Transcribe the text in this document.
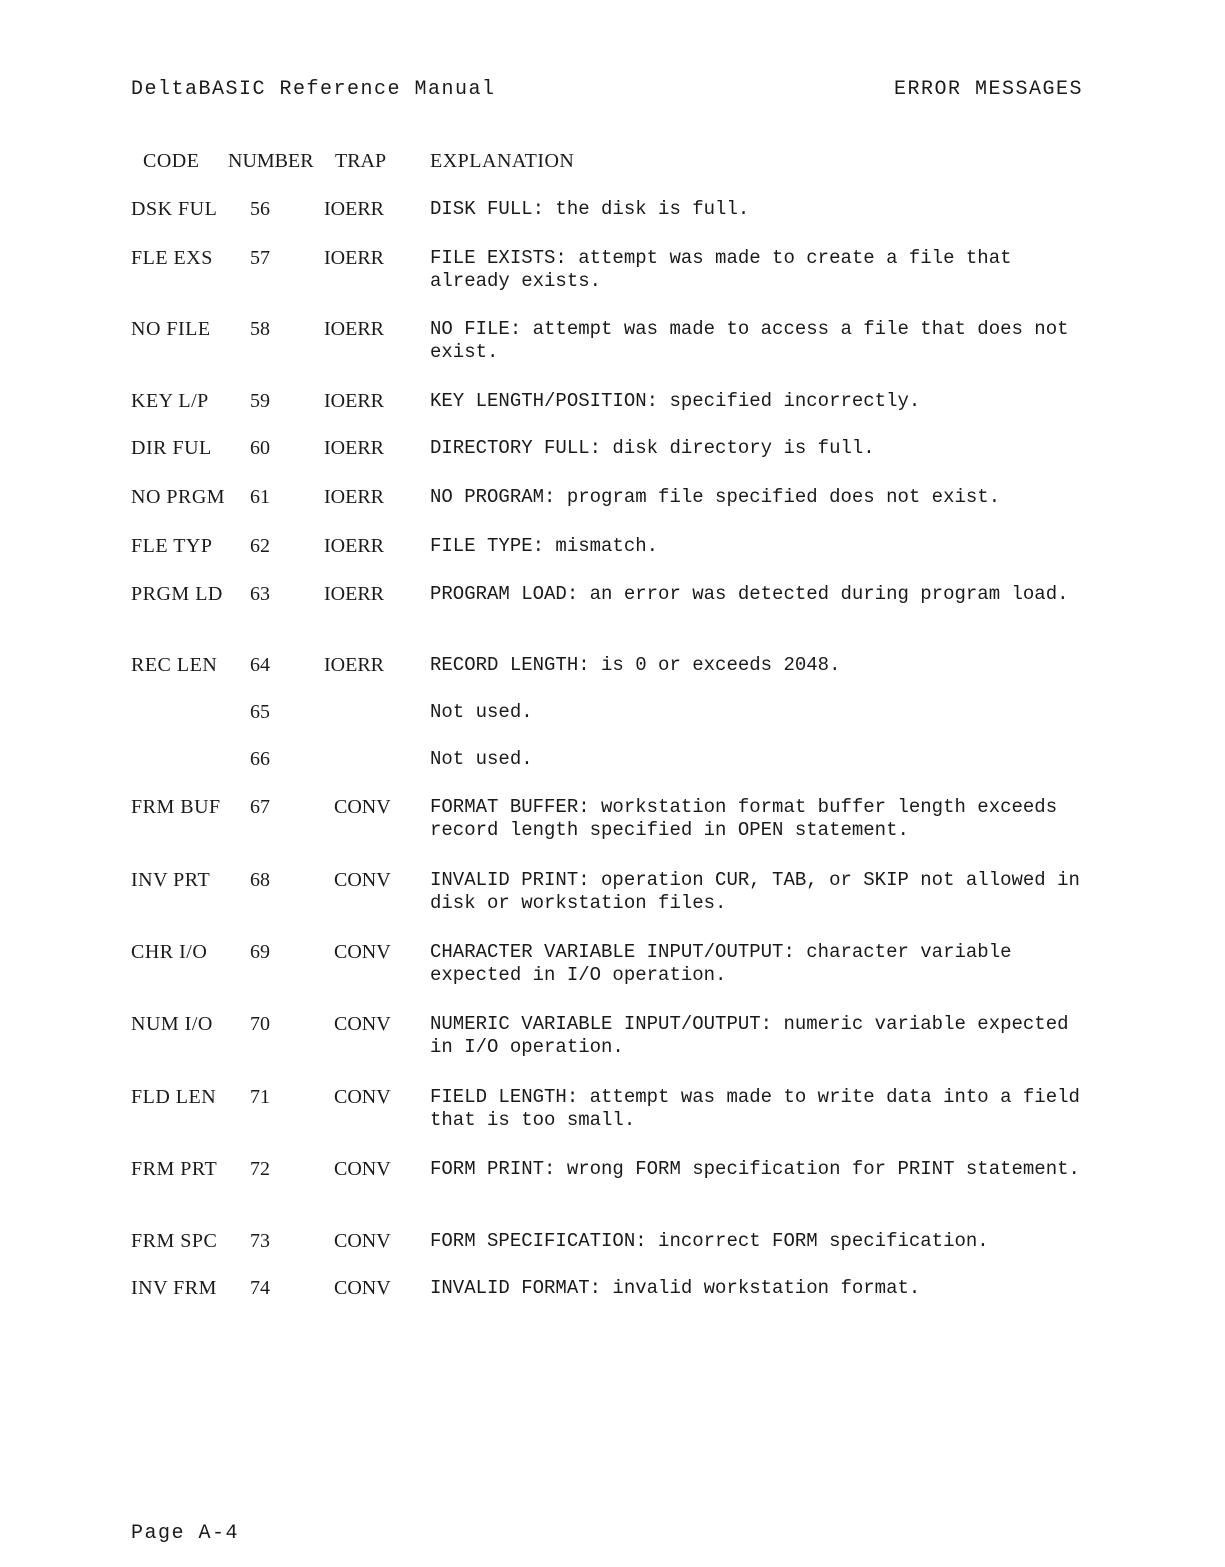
DeltaBASIC Reference Manual	ERROR MESSAGES
CODE NUMBER TRAP EXPLANATION
DSK FUL 56	IOERR DISK FULL: the disk is full.
FLE EXS 57	IOERR FILE EXISTS: attempt was made to create a file that already exists.
NO FILE 58	IOERR NO FILE: attempt was made to access a file that does not exist.
KEY L/P 59	IOERR KEY LENGTH/POSITION: specified incorrectly.
DIR FUL 60	IOERR DIRECTORY FULL: disk directory is full.
NO PRGM 61	IOERR NO PROGRAM: program file specified does not exist.
FLE TYP 62	IOERR FILE TYPE: mismatch.
PRGM LD 63	IOERR PROGRAM LOAD: an error was detected during program load.
REC LEN 64	IOERR RECORD LENGTH: is 0 or exceeds 2048.
65	Not used.
66	Not used.
FRM BUF 67	CONV FORMAT BUFFER: workstation format buffer length exceeds record length specified in OPEN statement.
INV PRT 68	CONV INVALID PRINT: operation CUR, TAB, or SKIP not allowed in disk or workstation files.
CHR I/O 69	CONV CHARACTER VARIABLE INPUT/OUTPUT: character variable expected in I/O operation.
NUM I/O 70	CONV NUMERIC VARIABLE INPUT/OUTPUT: numeric variable expected in I/O operation.
FLD LEN 71	CONV FIELD LENGTH: attempt was made to write data into a field that is too small.
FRM PRT 72	CONV FORM PRINT: wrong FORM specification for PRINT statement.
FRM SPC 73	CONV FORM SPECIFICATION: incorrect FORM specification.
INV FRM 74	CONV INVALID FORMAT: invalid workstation format.
Page A-4
